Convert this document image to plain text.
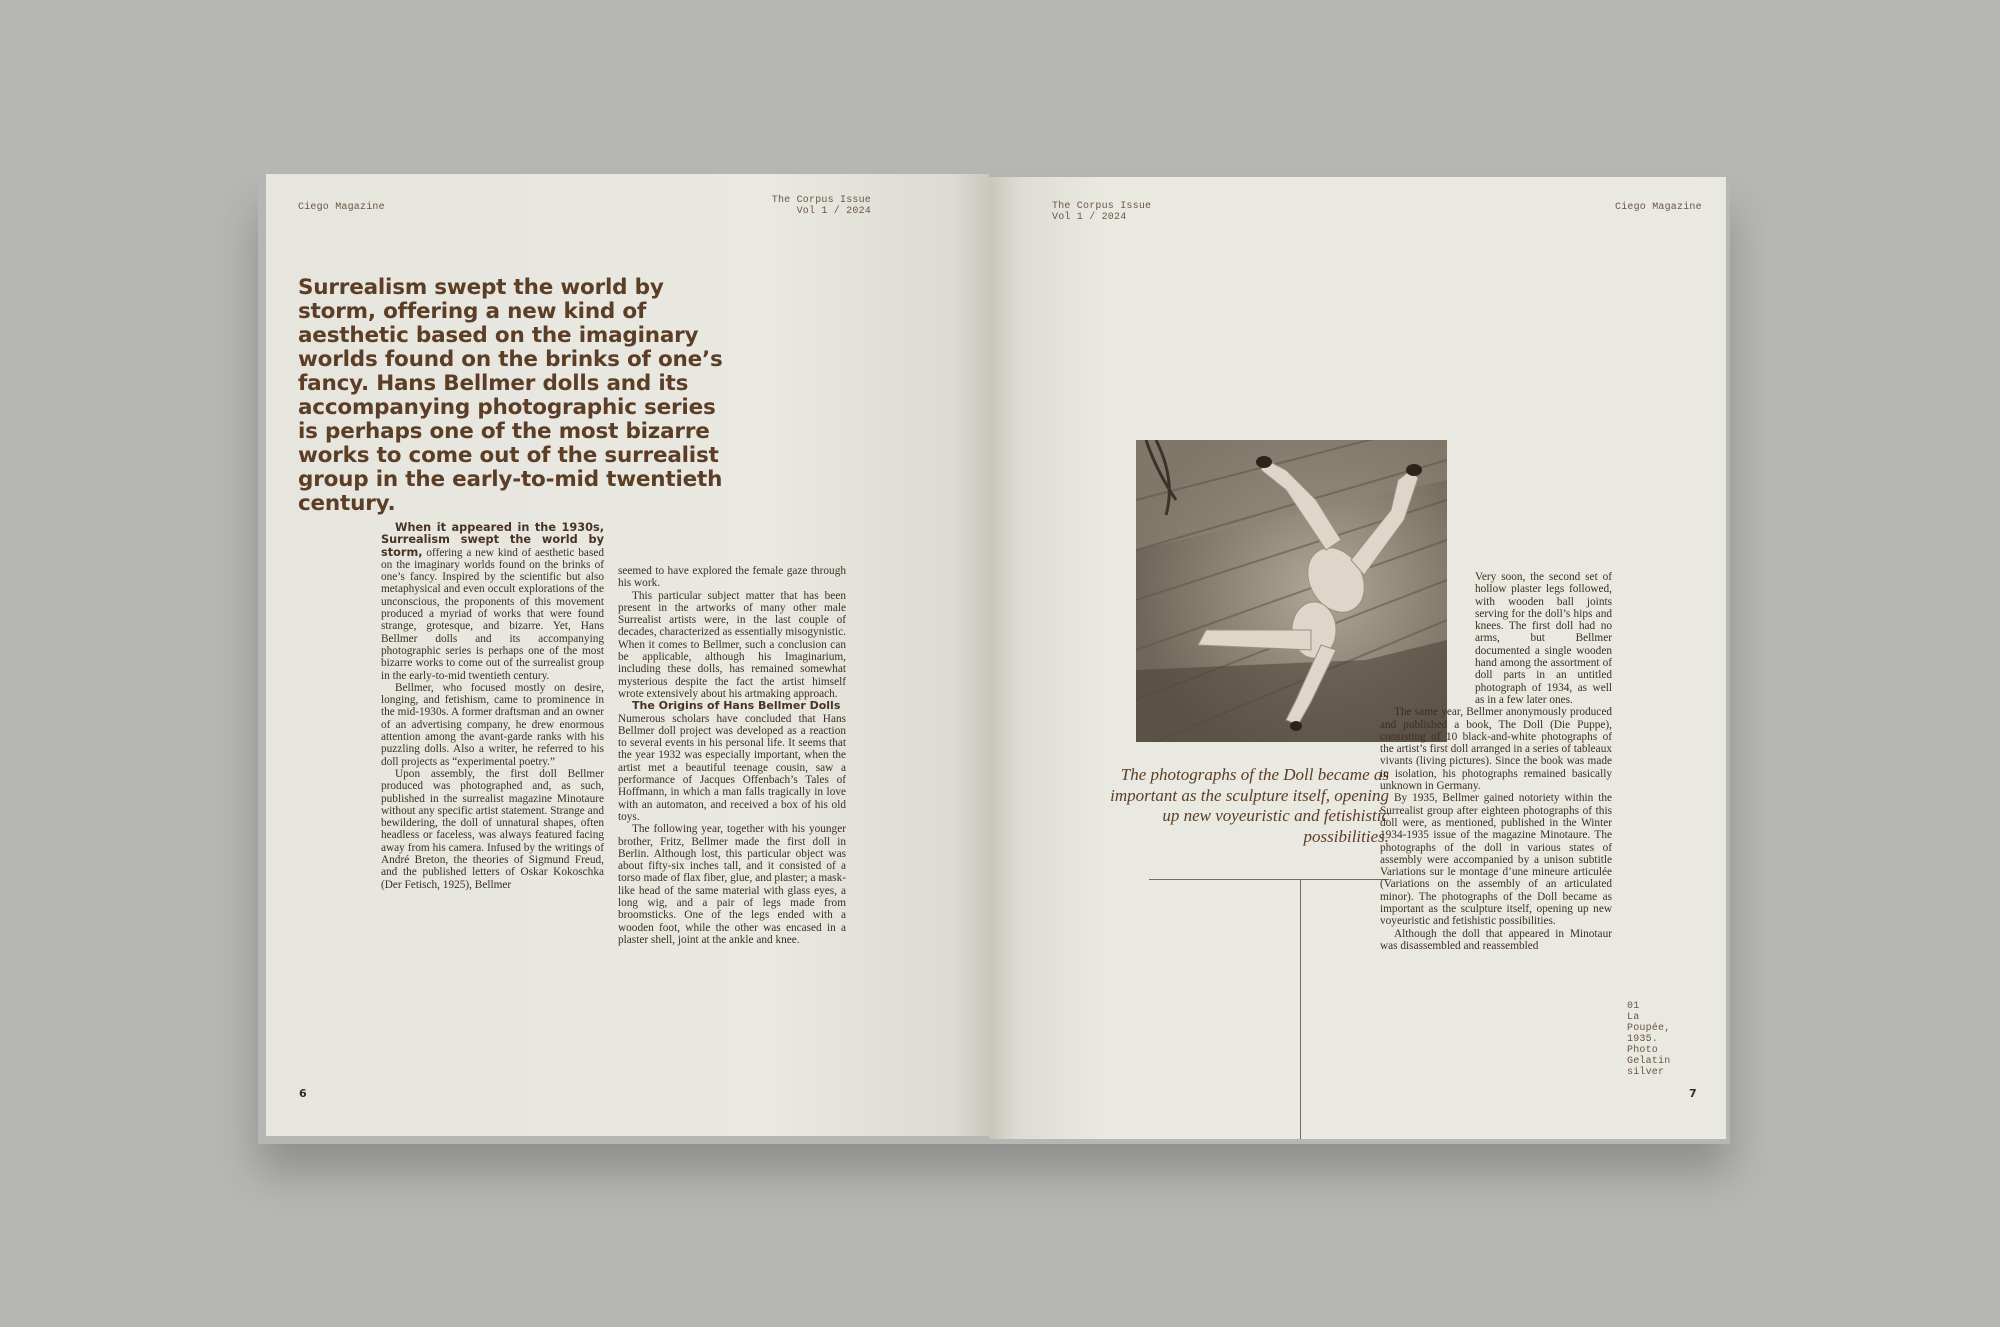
Ciego Magazine
The Corpus Issue
Vol 1 / 2024
Surrealism swept the world by storm, offering a new kind of aesthetic based on the imaginary worlds found on the brinks of one’s fancy. Hans Bellmer dolls and its accompanying photographic series is perhaps one of the most bizarre works to come out of the surrealist group in the early-to-mid twentieth century.

When it appeared in the 1930s, Surrealism swept the world by storm, offering a new kind of aesthetic based on the imaginary worlds found on the brinks of one’s fancy. Inspired by the scientific but also metaphysical and even occult explorations of the unconscious, the proponents of this movement produced a myriad of works that were found strange, grotesque, and bizarre. Yet, Hans Bellmer dolls and its accompanying photographic series is perhaps one of the most bizarre works to come out of the surrealist group in the early-to-mid twentieth century.

Bellmer, who focused mostly on desire, longing, and fetishism, came to prominence in the mid-1930s. A former draftsman and an owner of an advertising company, he drew enormous attention among the avant-garde ranks with his puzzling dolls. Also a writer, he referred to his doll projects as “experimental poetry.”

Upon assembly, the first doll Bellmer produced was photographed and, as such, published in the surrealist magazine Minotaure without any specific artist statement. Strange and bewildering, the doll of unnatural shapes, often headless or faceless, was always featured facing away from his camera. Infused by the writings of André Breton, the theories of Sigmund Freud, and the published letters of Oskar Kokoschka (Der Fetisch, 1925), Bellmer

seemed to have explored the female gaze through his work.

This particular subject matter that has been present in the artworks of many other male Surrealist artists were, in the last couple of decades, characterized as essentially misogynistic. When it comes to Bellmer, such a conclusion can be applicable, although his Imaginarium, including these dolls, has remained somewhat mysterious despite the fact the artist himself wrote extensively about his artmaking approach.

The Origins of Hans Bellmer Dolls

Numerous scholars have concluded that Hans Bellmer doll project was developed as a reaction to several events in his personal life. It seems that the year 1932 was especially important, when the artist met a beautiful teenage cousin, saw a performance of Jacques Offenbach’s Tales of Hoffmann, in which a man falls tragically in love with an automaton, and received a box of his old toys.

The following year, together with his younger brother, Fritz, Bellmer made the first doll in Berlin. Although lost, this particular object was about fifty-six inches tall, and it consisted of a torso made of flax fiber, glue, and plaster; a mask-like head of the same material with glass eyes, a long wig, and a pair of legs made from broomsticks. One of the legs ended with a wooden foot, while the other was encased in a plaster shell, joint at the ankle and knee.

6
The Corpus Issue
Vol 1 / 2024
Ciego Magazine
The photographs of the Doll became as important as the sculpture itself, opening up new voyeuristic and fetishistic possibilities.

Very soon, the second set of hollow plaster legs followed, with wooden ball joints serving for the doll’s hips and knees. The first doll had no arms, but Bellmer documented a single wooden hand among the assortment of doll parts in an untitled photograph of 1934, as well as in a few later ones.

The same year, Bellmer anonymously produced and published a book, The Doll (Die Puppe), consisting of 10 black-and-white photographs of the artist’s first doll arranged in a series of tableaux vivants (living pictures). Since the book was made in isolation, his photographs remained basically unknown in Germany.

By 1935, Bellmer gained notoriety within the Surrealist group after eighteen photographs of this doll were, as mentioned, published in the Winter 1934-1935 issue of the magazine Minotaure. The photographs of the doll in various states of assembly were accompanied by a unison subtitle Variations sur le montage d’une mineure articulée (Variations on the assembly of an articulated minor). The photographs of the Doll became as important as the sculpture itself, opening up new voyeuristic and fetishistic possibilities.

Although the doll that appeared in Minotaur was disassembled and reassembled

01
La Poupée,
1935.
Photo
Gelatin
silver
7
